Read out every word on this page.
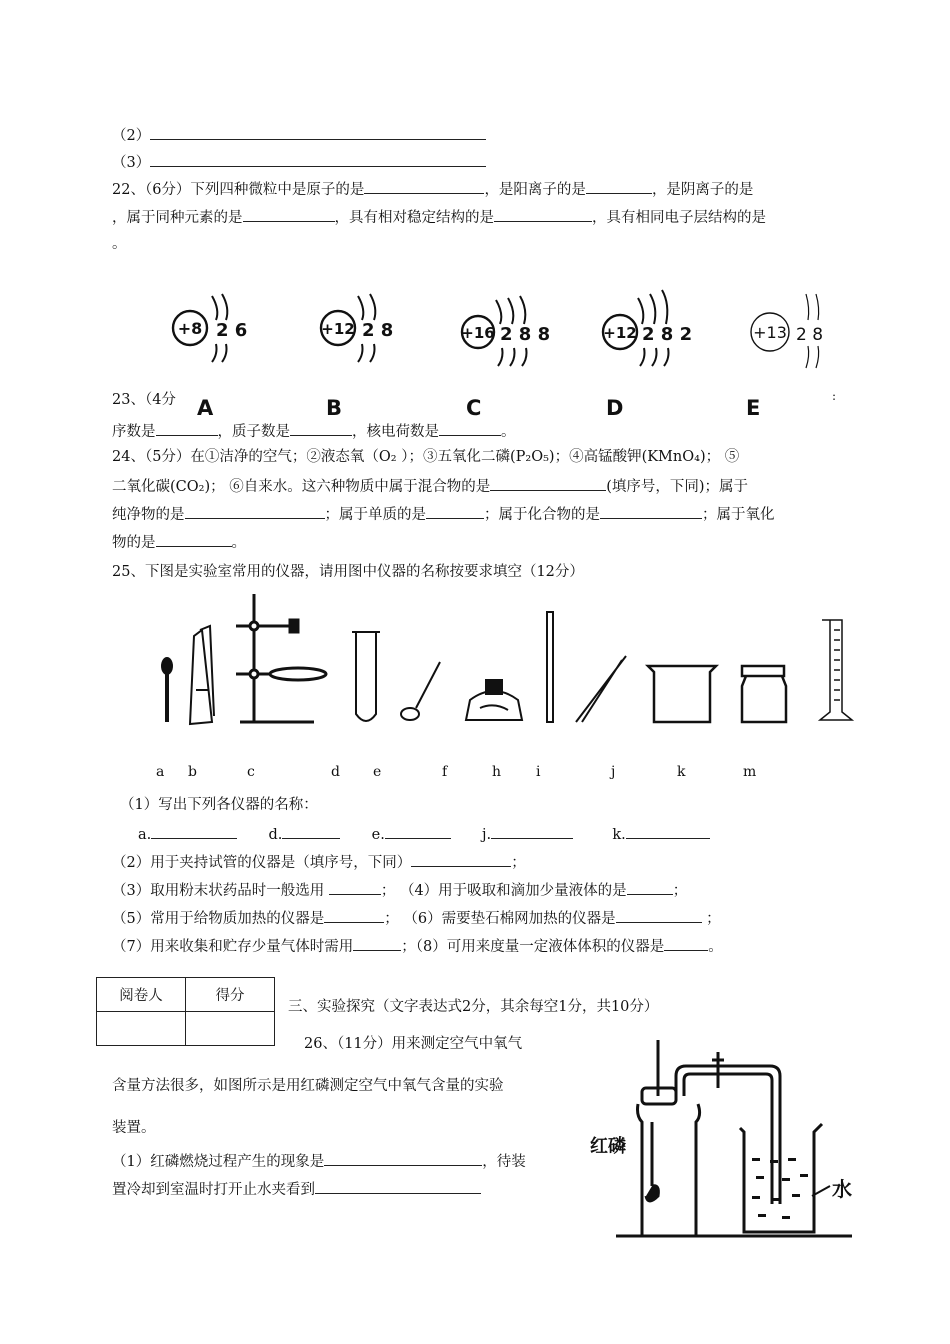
（2）
（3）
22、（6分）下列四种微粒中是原子的是	，是阳离子的是	，是阴离子的是
，属于同种元素的是	，具有相对稳定结构的是	，具有相同电子层结构的是
。
+8 2 6	+12 2 8	+16 2 8 8	+12 2 8 2	+13 2 8
23、（4分 A	B	C	D	E	:
序数是	，质子数是	，核电荷数是	。
24、（5分）在①洁净的空气；②液态氧（O₂ ）；③五氧化二磷(P₂O₅)；④高锰酸钾(KMnO₄)； ⑤
二氧化碳(CO₂)； ⑥自来水。这六种物质中属于混合物的是	(填序号，下同)；属于
纯净物的是	；属于单质的是	；属于化合物的是	；属于氧化
物的是	。
25、下图是实验室常用的仪器，请用图中仪器的名称按要求填空（12分）
a b	c	d e	f	h i	j	k	m
（1）写出下列各仪器的名称：
a.	d.	e.	j.	k.
（2）用于夹持试管的仪器是（填序号，下同）	；
（3）取用粉末状药品时一般选用	； （4）用于吸取和滴加少量液体的是	；
（5）常用于给物质加热的仪器是	； （6）需要垫石棉网加热的仪器是	；
（7）用来收集和贮存少量气体时需用	；（8）可用来度量一定液体体积的仪器是	。
阅卷人	得分

三、实验探究（文字表达式2分，其余每空1分，共10分）
26、（11分）用来测定空气中氧气
含量方法很多，如图所示是用红磷测定空气中氧气含量的实验
装置。
（1）红磷燃烧过程产生的现象是	，待装
置冷却到室温时打开止水夹看到
红磷
水
